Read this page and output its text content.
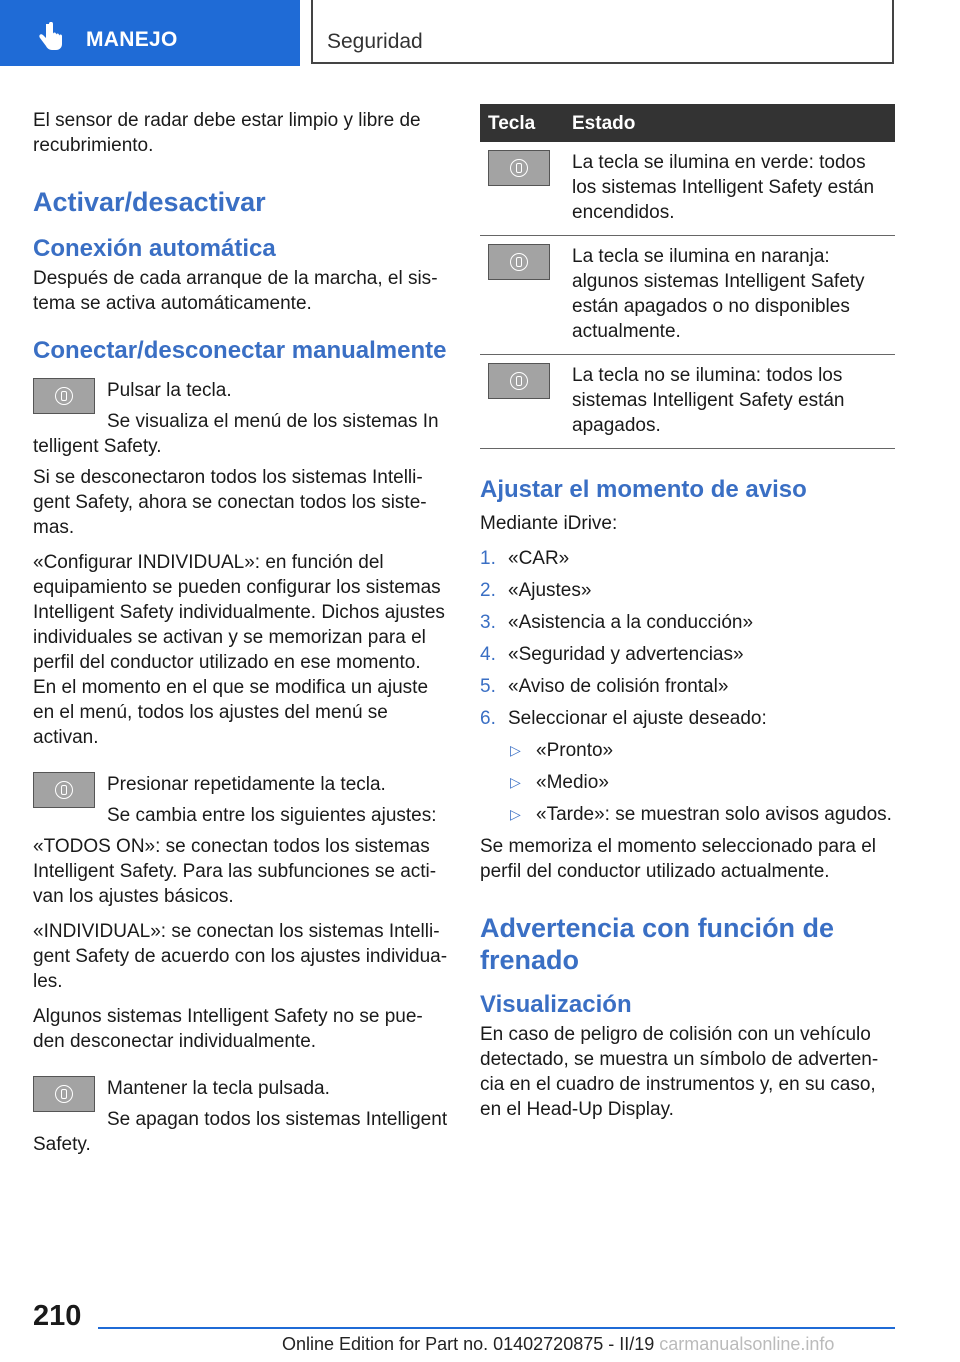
MANEJO	Seguridad

El sensor de radar debe estar limpio y libre de recubrimiento.

Activar/desactivar
Conexión automática

Después de cada arranque de la marcha, el sistema se activa automáticamente.

Conectar/desconectar manualmente
Pulsar la tecla.
Se visualiza el menú de los sistemas In
telligent Safety.

Si se desconectaron todos los sistemas Intelligent Safety, ahora se conectan todos los sistemas.

«Configurar INDIVIDUAL»: en función del equipamiento se pueden configurar los sistemas Intelligent Safety individualmente. Dichos ajustes individuales se activan y se memorizan para el perfil del conductor utilizado en ese momento. En el momento en el que se modifica un ajuste en el menú, todos los ajustes del menú se activan.

Presionar repetidamente la tecla.
Se cambia entre los siguientes ajustes:

«TODOS ON»: se conectan todos los sistemas Intelligent Safety. Para las subfunciones se activan los ajustes básicos.

«INDIVIDUAL»: se conectan los sistemas Intelligent Safety de acuerdo con los ajustes individuales.

Algunos sistemas Intelligent Safety no se pueden desconectar individualmente.

Mantener la tecla pulsada.
Se apagan todos los sistemas Intelligent
Safety.
Tecla	Estado

	La tecla se ilumina en verde: todos los sistemas Intelligent Safety están encendidos.

	La tecla se ilumina en naranja: algunos sistemas Intelligent Safety están apagados o no disponibles actualmente.

	La tecla no se ilumina: todos los sistemas Intelligent Safety están apagados.
Ajustar el momento de aviso

Mediante iDrive:

1. «CAR»
2. «Ajustes»
3. «Asistencia a la conducción»
4. «Seguridad y advertencias»
5. «Aviso de colisión frontal»
6. Seleccionar el ajuste deseado:
▷ «Pronto»
▷ «Medio»
▷ «Tarde»: se muestran solo avisos agudos.

Se memoriza el momento seleccionado para el perfil del conductor utilizado actualmente.

Advertencia con función de frenado
Visualización

En caso de peligro de colisión con un vehículo detectado, se muestra un símbolo de advertencia en el cuadro de instrumentos y, en su caso, en el Head-Up Display.

210
Online Edition for Part no. 01402720875 - II/19 carmanualsonline.info
